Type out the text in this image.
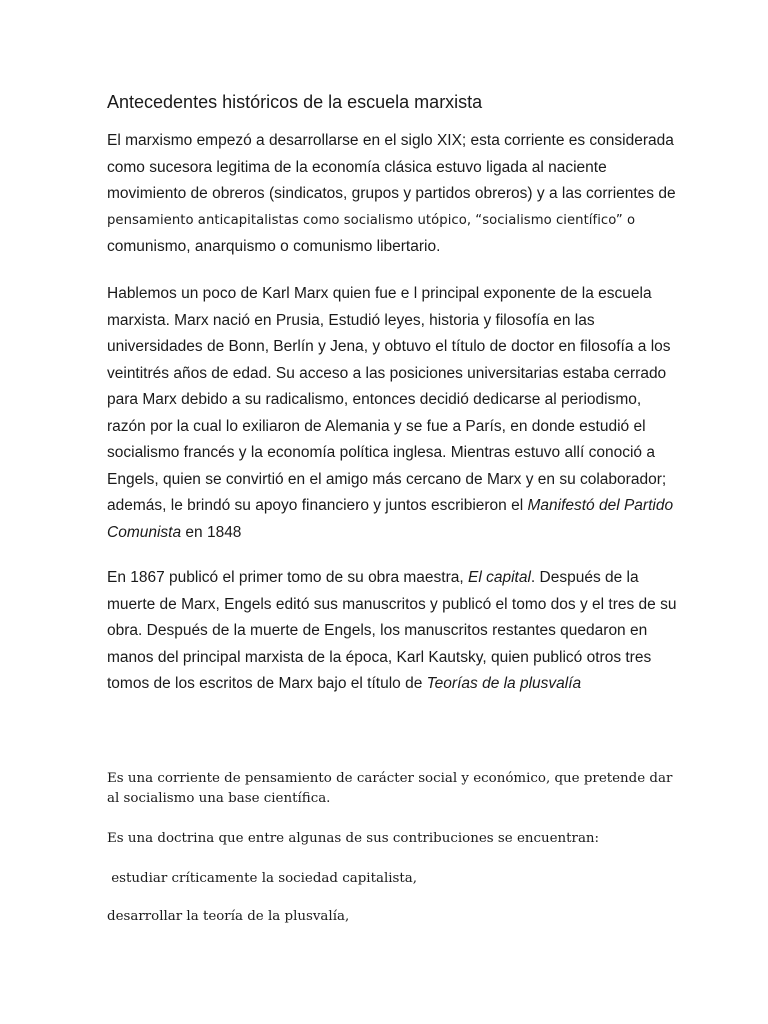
Antecedentes históricos de la escuela marxista

El marxismo empezó a desarrollarse en el siglo XIX; esta corriente es considerada
como sucesora legitima de la economía clásica estuvo ligada al naciente
movimiento de obreros (sindicatos, grupos y partidos obreros) y a las corrientes de
pensamiento anticapitalistas como socialismo utópico, “socialismo científico” o
comunismo, anarquismo o comunismo libertario.

Hablemos un poco de Karl Marx quien fue e l principal exponente de la escuela
marxista. Marx nació en Prusia, Estudió leyes, historia y filosofía en las
universidades de Bonn, Berlín y Jena, y obtuvo el título de doctor en filosofía a los
veintitrés años de edad. Su acceso a las posiciones universitarias estaba cerrado
para Marx debido a su radicalismo, entonces decidió dedicarse al periodismo,
razón por la cual lo exiliaron de Alemania y se fue a París, en donde estudió el
socialismo francés y la economía política inglesa. Mientras estuvo allí conoció a
Engels, quien se convirtió en el amigo más cercano de Marx y en su colaborador;
además, le brindó su apoyo financiero y juntos escribieron el Manifestó del Partido
Comunista en 1848

En 1867 publicó el primer tomo de su obra maestra, El capital. Después de la
muerte de Marx, Engels editó sus manuscritos y publicó el tomo dos y el tres de su
obra. Después de la muerte de Engels, los manuscritos restantes quedaron en
manos del principal marxista de la época, Karl Kautsky, quien publicó otros tres
tomos de los escritos de Marx bajo el título de Teorías de la plusvalía

Es una corriente de pensamiento de carácter social y económico, que pretende dar
al socialismo una base científica.

Es una doctrina que entre algunas de sus contribuciones se encuentran:

estudiar críticamente la sociedad capitalista,

desarrollar la teoría de la plusvalía,
